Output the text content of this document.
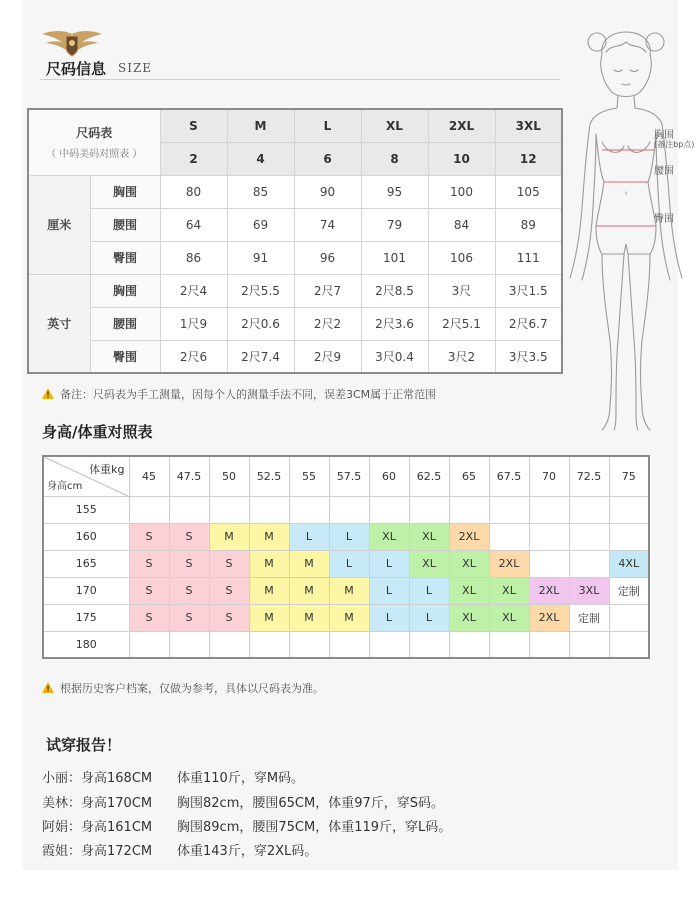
尺码信息 SIZE
尺码表
（ 中码美码对照表 ）		S	M	L	XL	2XL	3XL
		2	4	6	8	10	12
厘米	胸围	80	85	90	95	100	105
	腰围	64	69	74	79	84	89
	臀围	86	91	96	101	106	111
英寸	胸围	2尺4	2尺5.5	2尺7	2尺8.5	3尺	3尺1.5
	腰围	1尺9	2尺0.6	2尺2	2尺3.6	2尺5.1	2尺6.7
	臀围	2尺6	2尺7.4	2尺9	3尺0.4	3尺2	3尺3.5
胸围
(备注bp点)
腰围
臀围
备注：尺码表为手工测量，因每个人的测量手法不同，误差3CM属于正常范围
身高/体重对照表
体重kg
身高cm	45	47.5	50	52.5	55	57.5	60	62.5	65	67.5	70	72.5	75
155													
160	S	S	M	M	L	L	XL	XL	2XL				
165	S	S	S	M	M	L	L	XL	XL	2XL			4XL
170	S	S	S	M	M	M	L	L	XL	XL	2XL	3XL	定制
175	S	S	S	M	M	M	L	L	XL	XL	2XL	定制	
180													
根据历史客户档案，仅做为参考，具体以尺码表为准。
试穿报告！
小丽：身高168CM 体重110斤，穿M码。
美林：身高170CM 胸围82cm，腰围65CM，体重97斤，穿S码。
阿娟：身高161CM 胸围89cm，腰围75CM，体重119斤，穿L码。
霞姐：身高172CM 体重143斤，穿2XL码。
